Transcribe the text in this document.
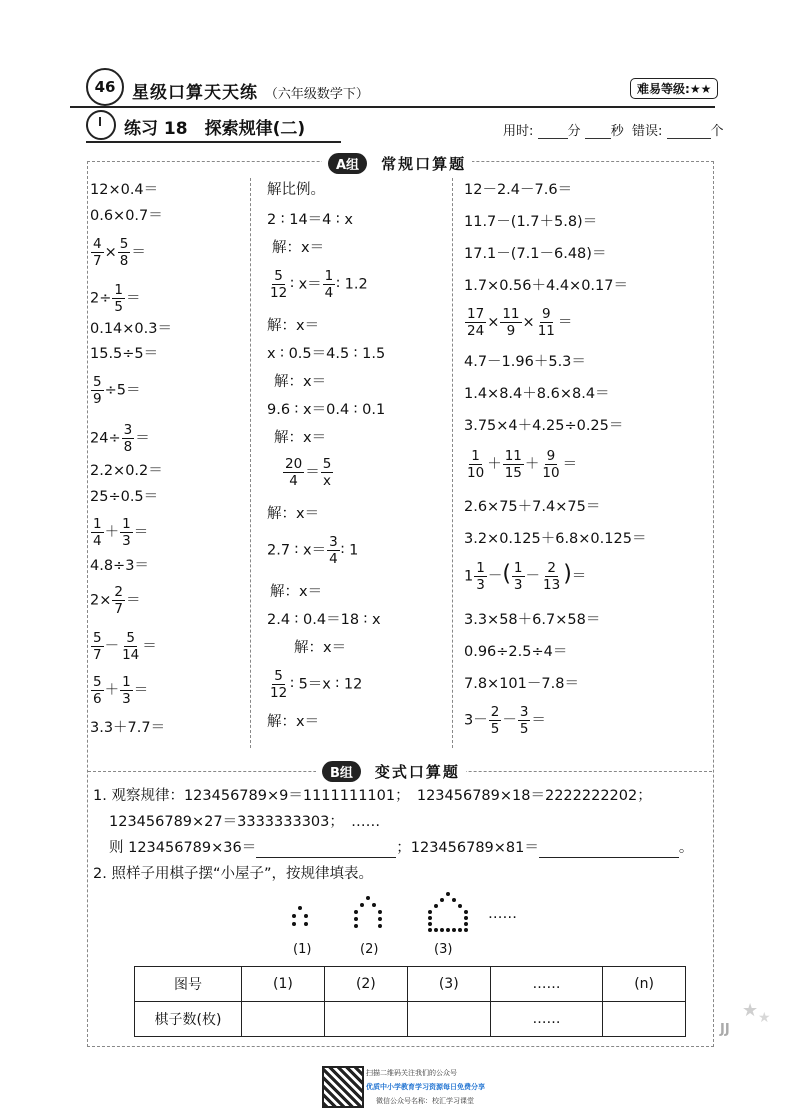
46 星级口算天天练 （六年级数学下）	难易等级:★★
练习 18　探索规律(二)	用时:	分 秒 错误:	个
A组	常规口算题
12×0.4＝
0.6×0.7＝
$\frac{4}{7} \times \frac{5}{8}$ ＝
$2\div \frac{1}{5}$ ＝
0.14×0.3＝
15.5÷5＝
$\frac{5}{9} \div 5=$
$24\div \frac{3}{8}$ ＝
2.2×0.2＝
25÷0.5＝
$\frac{1}{4} + \frac{1}{3}$ ＝
4.8÷3＝
$2\times \frac{2}{7}$ ＝
$\frac{5}{7} - \frac{5}{14}$ ＝
$\frac{5}{6} + \frac{1}{3}$ ＝
3.3＋7.7＝
解比例。
2 ∶ 14＝4 ∶ x
解：x＝
$\frac{5}{12}$ ∶ $x= \frac{1}{4}$ ∶ 1.2
解：x＝
x ∶ 0.5＝4.5 ∶ 1.5
解：x＝
9.6 ∶ x＝0.4 ∶ 0.1
解：x＝
$\frac{20}{4} = \frac{5}{x}$
解：x＝
2.7 ∶ $x= \frac{3}{4}$ ∶ 1
解：x＝
2.4 ∶ 0.4＝18 ∶ x
解：x＝
$\frac{5}{12}$ ∶ 5＝x ∶ 12
解：x＝
12－2.4－7.6＝
11.7－(1.7＋5.8)＝
17.1－(7.1－6.48)＝
1.7×0.56＋4.4×0.17＝
$\frac{17}{24} \times \frac{11}{9} \times \frac{9}{11}$ ＝
4.7－1.96＋5.3＝
1.4×8.4＋8.6×8.4＝
3.75×4＋4.25÷0.25＝
$\frac{1}{10} + \frac{11}{15} + \frac{9}{10}$ ＝
2.6×75＋7.4×75＝
3.2×0.125＋6.8×0.125＝
$1 \frac{1}{3}$ －( $\frac{1}{3} - \frac{2}{13}$ )＝
3.3×58＋6.7×58＝
0.96÷2.5÷4＝
7.8×101－7.8＝
$3- \frac{2}{5} - \frac{3}{5}$ ＝
B组	变式口算题
1. 观察规律：123456789×9＝1111111101；　123456789×18＝2222222202；
123456789×27＝3333333303；　……
则 123456789×36＝	；123456789×81＝	。
2. 照样子用棋子摆“小屋子”，按规律填表。
……
(1)	(2)	(3)
图号	(1)	(2)	(3)	……	(n)
棋子数(枚)				……		★ ★
JJ
扫描二维码关注我们的公众号
优质中小学教育学习资源每日免费分享
微信公众号名称：校汇学习课堂
